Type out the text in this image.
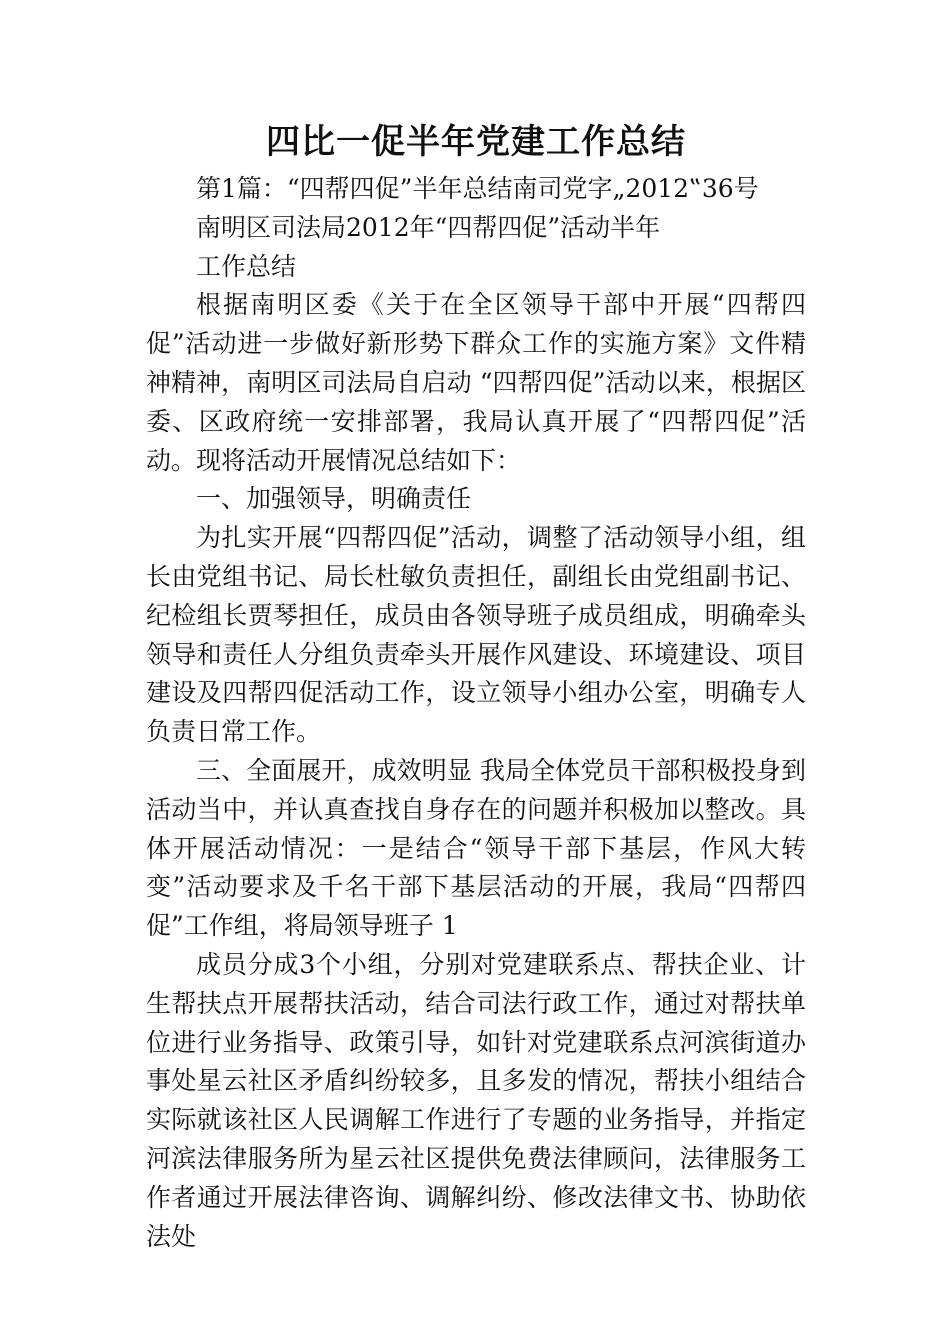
四比一促半年党建工作总结

第1篇：“四帮四促”半年总结南司党字„2012‟36号

南明区司法局2012年“四帮四促”活动半年

工作总结

根据南明区委《关于在全区领导干部中开展“四帮四促”活动进一步做好新形势下群众工作的实施方案》文件精神精神，南明区司法局自启动 “四帮四促”活动以来，根据区委、区政府统一安排部署，我局认真开展了“四帮四促”活动。现将活动开展情况总结如下：

一、加强领导，明确责任

为扎实开展“四帮四促”活动，调整了活动领导小组，组长由党组书记、局长杜敏负责担任，副组长由党组副书记、纪检组长贾琴担任，成员由各领导班子成员组成，明确牵头领导和责任人分组负责牵头开展作风建设、环境建设、项目建设及四帮四促活动工作，设立领导小组办公室，明确专人负责日常工作。

三、全面展开，成效明显 我局全体党员干部积极投身到活动当中，并认真查找自身存在的问题并积极加以整改。具体开展活动情况：一是结合“领导干部下基层，作风大转变”活动要求及千名干部下基层活动的开展，我局“四帮四促”工作组，将局领导班子 1

成员分成3个小组，分别对党建联系点、帮扶企业、计生帮扶点开展帮扶活动，结合司法行政工作，通过对帮扶单位进行业务指导、政策引导，如针对党建联系点河滨街道办事处星云社区矛盾纠纷较多，且多发的情况，帮扶小组结合实际就该社区人民调解工作进行了专题的业务指导，并指定河滨法律服务所为星云社区提供免费法律顾问，法律服务工作者通过开展法律咨询、调解纠纷、修改法律文书、协助依法处
